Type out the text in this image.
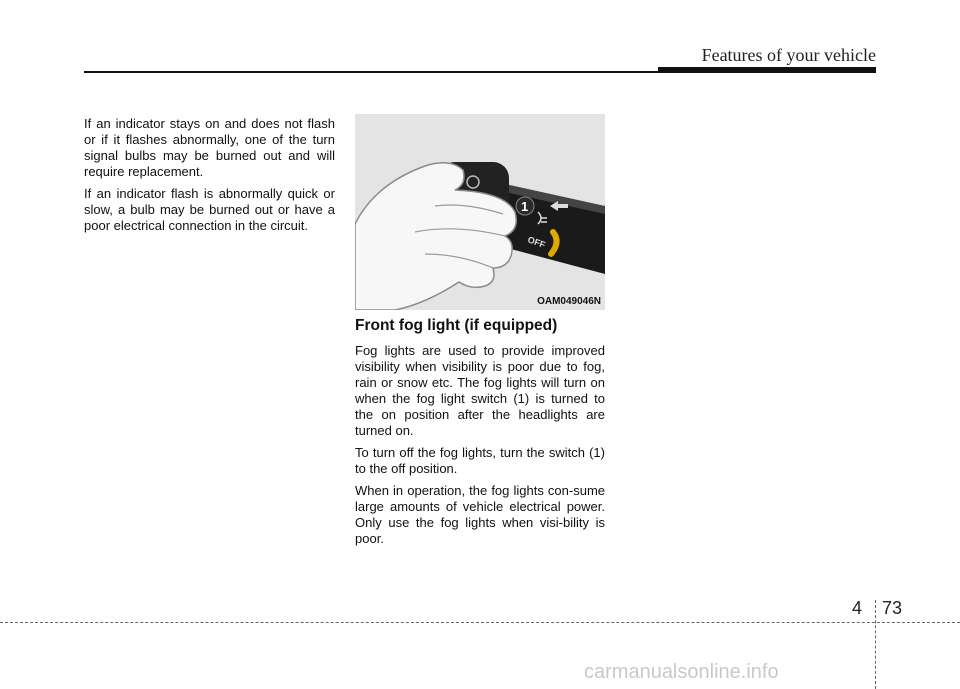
Features of your vehicle

If an indicator stays on and does not flash or if it flashes abnormally, one of the turn signal bulbs may be burned out and will require replacement.

If an indicator flash is abnormally quick or slow, a bulb may be burned out or have a poor electrical connection in the circuit.

1
OFF
OAM049046N
Front fog light (if equipped)

Fog lights are used to provide improved visibility when visibility is poor due to fog, rain or snow etc. The fog lights will turn on when the fog light switch (1) is turned to the on position after the headlights are turned on.

To turn off the fog lights, turn the switch (1) to the off position.

When in operation, the fog lights con-sume large amounts of vehicle electrical power. Only use the fog lights when visi-bility is poor.

4 73
carmanualsonline.info
